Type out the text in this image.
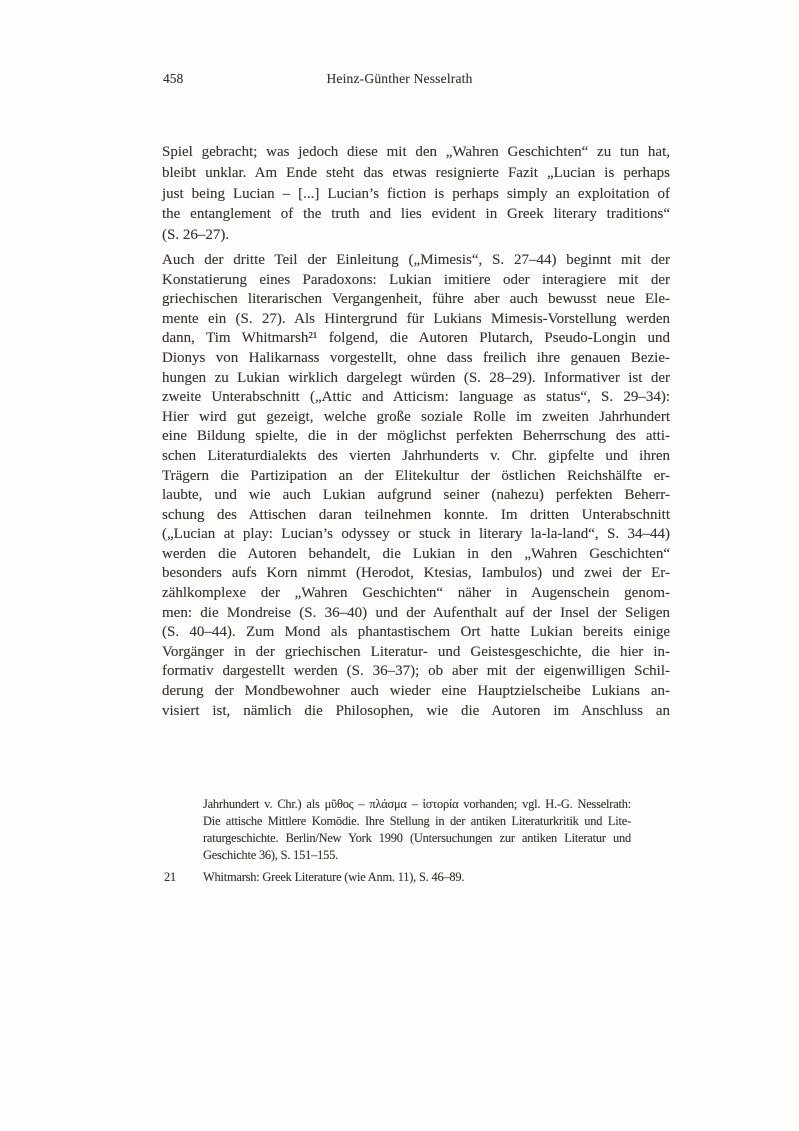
458	Heinz-Günther Nesselrath
Spiel gebracht; was jedoch diese mit den „Wahren Geschichten“ zu tun hat,
bleibt unklar. Am Ende steht das etwas resignierte Fazit „Lucian is perhaps
just being Lucian – [...] Lucian’s fiction is perhaps simply an exploitation of
the entanglement of the truth and lies evident in Greek literary traditions“
(S. 26–27).
Auch der dritte Teil der Einleitung („Mimesis“, S. 27–44) beginnt mit der
Konstatierung eines Paradoxons: Lukian imitiere oder interagiere mit der
griechischen literarischen Vergangenheit, führe aber auch bewusst neue Ele-
mente ein (S. 27). Als Hintergrund für Lukians Mimesis-Vorstellung werden
dann, Tim Whitmarsh²¹ folgend, die Autoren Plutarch, Pseudo-Longin und
Dionys von Halikarnass vorgestellt, ohne dass freilich ihre genauen Bezie-
hungen zu Lukian wirklich dargelegt würden (S. 28–29). Informativer ist der
zweite Unterabschnitt („Attic and Atticism: language as status“, S. 29–34):
Hier wird gut gezeigt, welche große soziale Rolle im zweiten Jahrhundert
eine Bildung spielte, die in der möglichst perfekten Beherrschung des atti-
schen Literaturdialekts des vierten Jahrhunderts v. Chr. gipfelte und ihren
Trägern die Partizipation an der Elitekultur der östlichen Reichshälfte er-
laubte, und wie auch Lukian aufgrund seiner (nahezu) perfekten Beherr-
schung des Attischen daran teilnehmen konnte. Im dritten Unterabschnitt
(„Lucian at play: Lucian’s odyssey or stuck in literary la-la-land“, S. 34–44)
werden die Autoren behandelt, die Lukian in den „Wahren Geschichten“
besonders aufs Korn nimmt (Herodot, Ktesias, Iambulos) und zwei der Er-
zählkomplexe der „Wahren Geschichten“ näher in Augenschein genom-
men: die Mondreise (S. 36–40) und der Aufenthalt auf der Insel der Seligen
(S. 40–44). Zum Mond als phantastischem Ort hatte Lukian bereits einige
Vorgänger in der griechischen Literatur- und Geistesgeschichte, die hier in-
formativ dargestellt werden (S. 36–37); ob aber mit der eigenwilligen Schil-
derung der Mondbewohner auch wieder eine Hauptzielscheibe Lukians an-
visiert ist, nämlich die Philosophen, wie die Autoren im Anschluss an
Jahrhundert v. Chr.) als μῦθος – πλάσμα – ἱστορία vorhanden; vgl. H.-G. Nesselrath:
Die attische Mittlere Komödie. Ihre Stellung in der antiken Literaturkritik und Lite-
raturgeschichte. Berlin/New York 1990 (Untersuchungen zur antiken Literatur und
Geschichte 36), S. 151–155.
21 Whitmarsh: Greek Literature (wie Anm. 11), S. 46–89.
